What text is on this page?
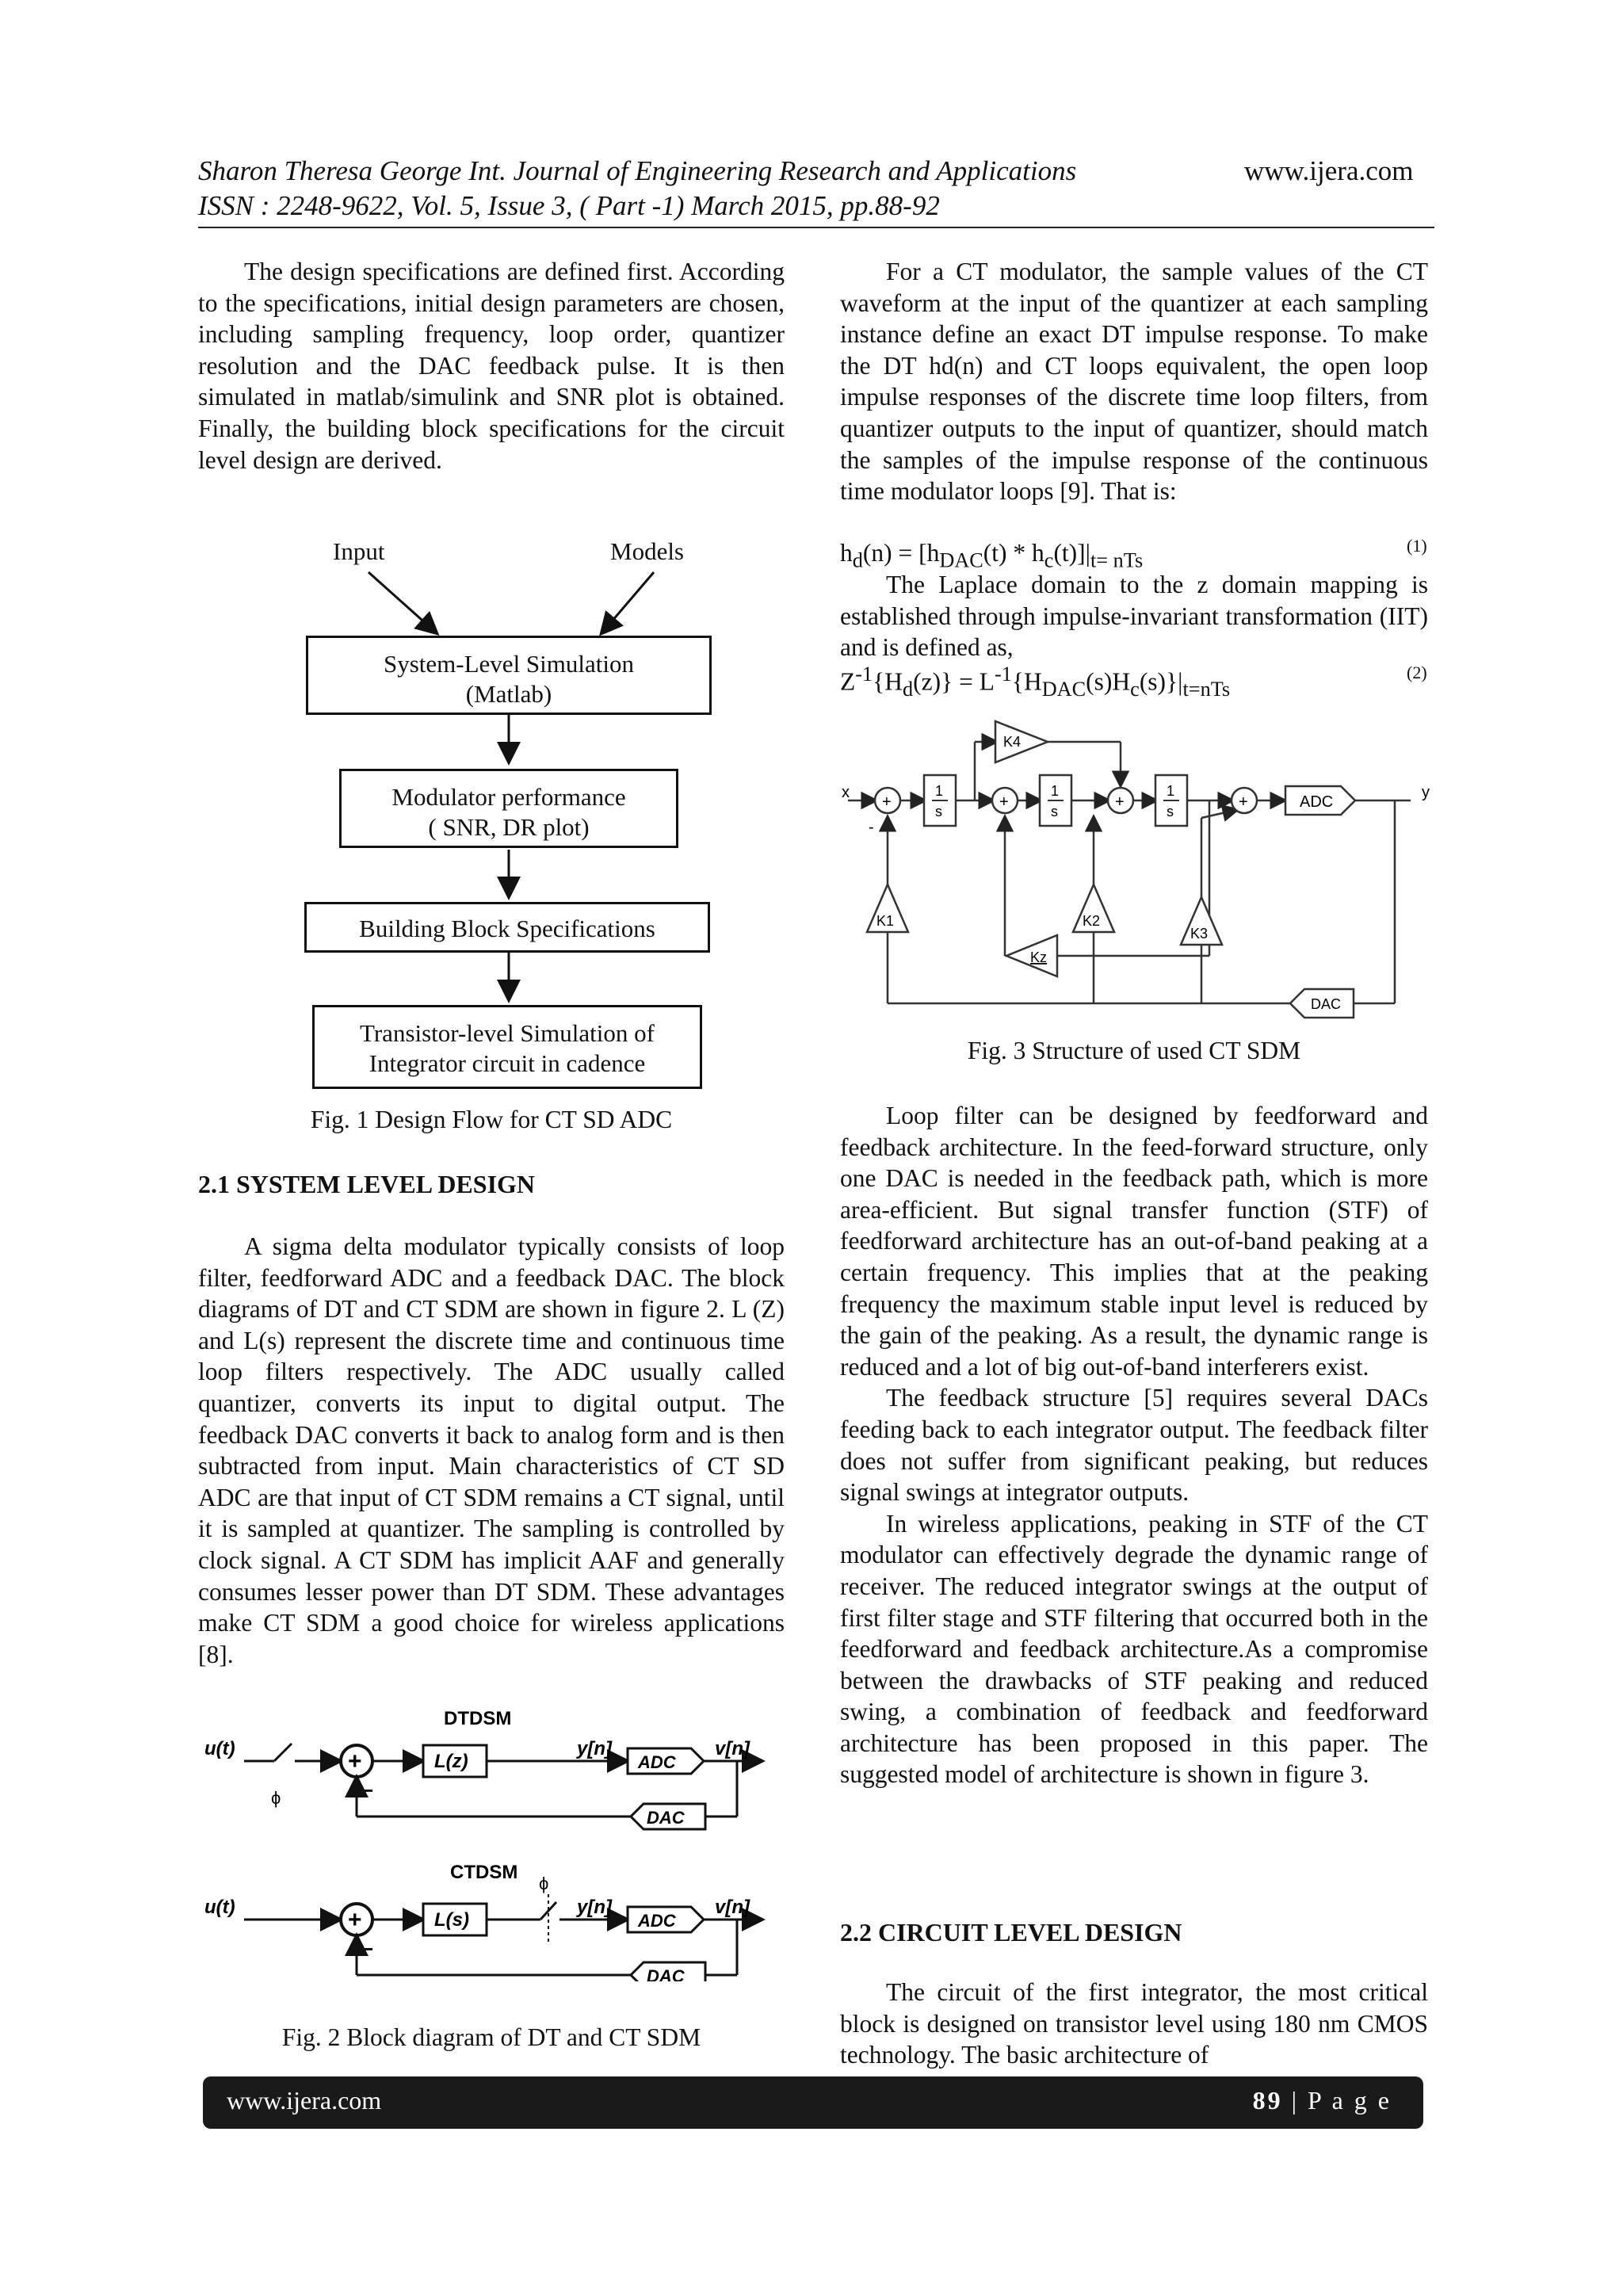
Sharon Theresa George Int. Journal of Engineering Research and Applications	www.ijera.com
ISSN : 2248-9622, Vol. 5, Issue 3, ( Part -1) March 2015, pp.88-92

The design specifications are defined first. According to the specifications, initial design parameters are chosen, including sampling frequency, loop order, quantizer resolution and the DAC feedback pulse. It is then simulated in matlab/simulink and SNR plot is obtained. Finally, the building block specifications for the circuit level design are derived.

Input	Models
System-Level Simulation
(Matlab)
Modulator performance
( SNR, DR plot)
Building Block Specifications
Transistor-level Simulation of
Integrator circuit in cadence
Fig. 1 Design Flow for CT SD ADC
2.1 SYSTEM LEVEL DESIGN

A sigma delta modulator typically consists of loop filter, feedforward ADC and a feedback DAC. The block diagrams of DT and CT SDM are shown in figure 2. L (Z) and L(s) represent the discrete time and continuous time loop filters respectively. The ADC usually called quantizer, converts its input to digital output. The feedback DAC converts it back to analog form and is then subtracted from input. Main characteristics of CT SD ADC are that input of CT SDM remains a CT signal, until it is sampled at quantizer. The sampling is controlled by clock signal. A CT SDM has implicit AAF and generally consumes lesser power than DT SDM. These advantages make CT SDM a good choice for wireless applications [8].

DTDSM
u(t)
ϕ
+
−
L(z)
y[n]
ADC
v[n]
DAC
CTDSM
u(t)	+
−
L(s)
ϕ
y[n]
ADC
v[n]
DAC
Fig. 2 Block diagram of DT and CT SDM

For a CT modulator, the sample values of the CT waveform at the input of the quantizer at each sampling instance define an exact DT impulse response. To make the DT hd(n) and CT loops equivalent, the open loop impulse responses of the discrete time loop filters, from quantizer outputs to the input of quantizer, should match the samples of the impulse response of the continuous time modulator loops [9]. That is:

$h_d(n) = [h_{DAC}(t) * h_c(t)]|_{t= nTs}$
(1)

The Laplace domain to the z domain mapping is established through impulse-invariant transformation (IIT) and is defined as,

$Z^{-1}\{H_d(z)\} = L^{-1}\{H_{DAC}(s)H_c(s)\}|_{t=nTs}$
(2)
+	+	+	+
-
x	1
s
1
s
1
s
ADC
y
DAC
K4
K1	K2
K3
Kz
Fig. 3 Structure of used CT SDM

Loop filter can be designed by feedforward and feedback architecture. In the feed-forward structure, only one DAC is needed in the feedback path, which is more area-efficient. But signal transfer function (STF) of feedforward architecture has an out-of-band peaking at a certain frequency. This implies that at the peaking frequency the maximum stable input level is reduced by the gain of the peaking. As a result, the dynamic range is reduced and a lot of big out-of-band interferers exist.

The feedback structure [5] requires several DACs feeding back to each integrator output. The feedback filter does not suffer from significant peaking, but reduces signal swings at integrator outputs.

In wireless applications, peaking in STF of the CT modulator can effectively degrade the dynamic range of receiver. The reduced integrator swings at the output of first filter stage and STF filtering that occurred both in the feedforward and feedback architecture.As a compromise between the drawbacks of STF peaking and reduced swing, a combination of feedback and feedforward architecture has been proposed in this paper. The suggested model of architecture is shown in figure 3.

2.2 CIRCUIT LEVEL DESIGN

The circuit of the first integrator, the most critical block is designed on transistor level using 180 nm CMOS technology. The basic architecture of

www.ijera.com	89 | P a g e
